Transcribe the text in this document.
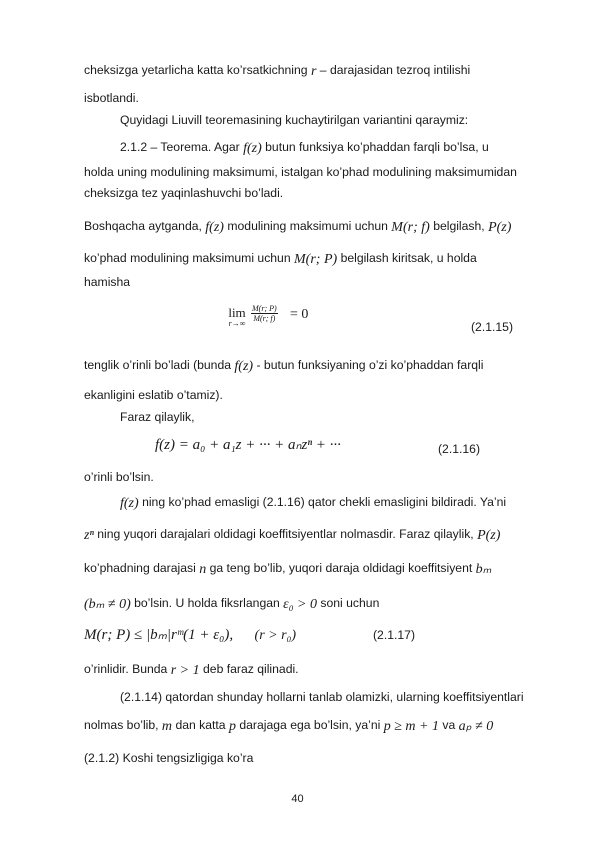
cheksizga yetarlicha katta ko’rsatkichning r – darajasidan tezroq intilishi
isbotlandi.
Quyidagi Liuvill teoremasining kuchaytirilgan variantini qaraymiz:
2.1.2 – Teorema. Agar f(z) butun funksiya ko’phaddan farqli bo’lsa, u
holda uning modulining maksimumi, istalgan ko’phad modulining maksimumidan
cheksizga tez yaqinlashuvchi bo’ladi.
Boshqacha aytganda, f(z) modulining maksimumi uchun M(r; f) belgilash, P(z)
ko’phad modulining maksimumi uchun M(r; P) belgilash kiritsak, u holda
hamisha
lim
r→∞
$\frac{M(r; P)}{M(r; f)} = 0$
(2.1.15)
tenglik o’rinli bo’ladi (bunda f(z) - butun funksiyaning o’zi ko’phaddan farqli
ekanligini eslatib o’tamiz).
Faraz qilaylik,
f(z) = a₀ + a₁z + ··· + aₙzⁿ + ···	(2.1.16)
o’rinli bo’lsin.
f(z) ning ko’phad emasligi (2.1.16) qator chekli emasligini bildiradi. Ya’ni
zⁿ ning yuqori darajalari oldidagi koeffitsiyentlar nolmasdir. Faraz qilaylik, P(z)
ko’phadning darajasi n ga teng bo’lib, yuqori daraja oldidagi koeffitsiyent bₘ
(bₘ ≠ 0) bo’lsin. U holda fiksrlangan ε₀ > 0 soni uchun
M(r; P) ≤ |bₘ|rᵐ(1 + ε₀), (r > r₀)	(2.1.17)
o’rinlidir. Bunda r > 1 deb faraz qilinadi.
(2.1.14) qatordan shunday hollarni tanlab olamizki, ularning koeffitsiyentlari
nolmas bo’lib, m dan katta p darajaga ega bo’lsin, ya’ni p ≥ m + 1 va aₚ ≠ 0
(2.1.2) Koshi tengsizligiga ko’ra
40
